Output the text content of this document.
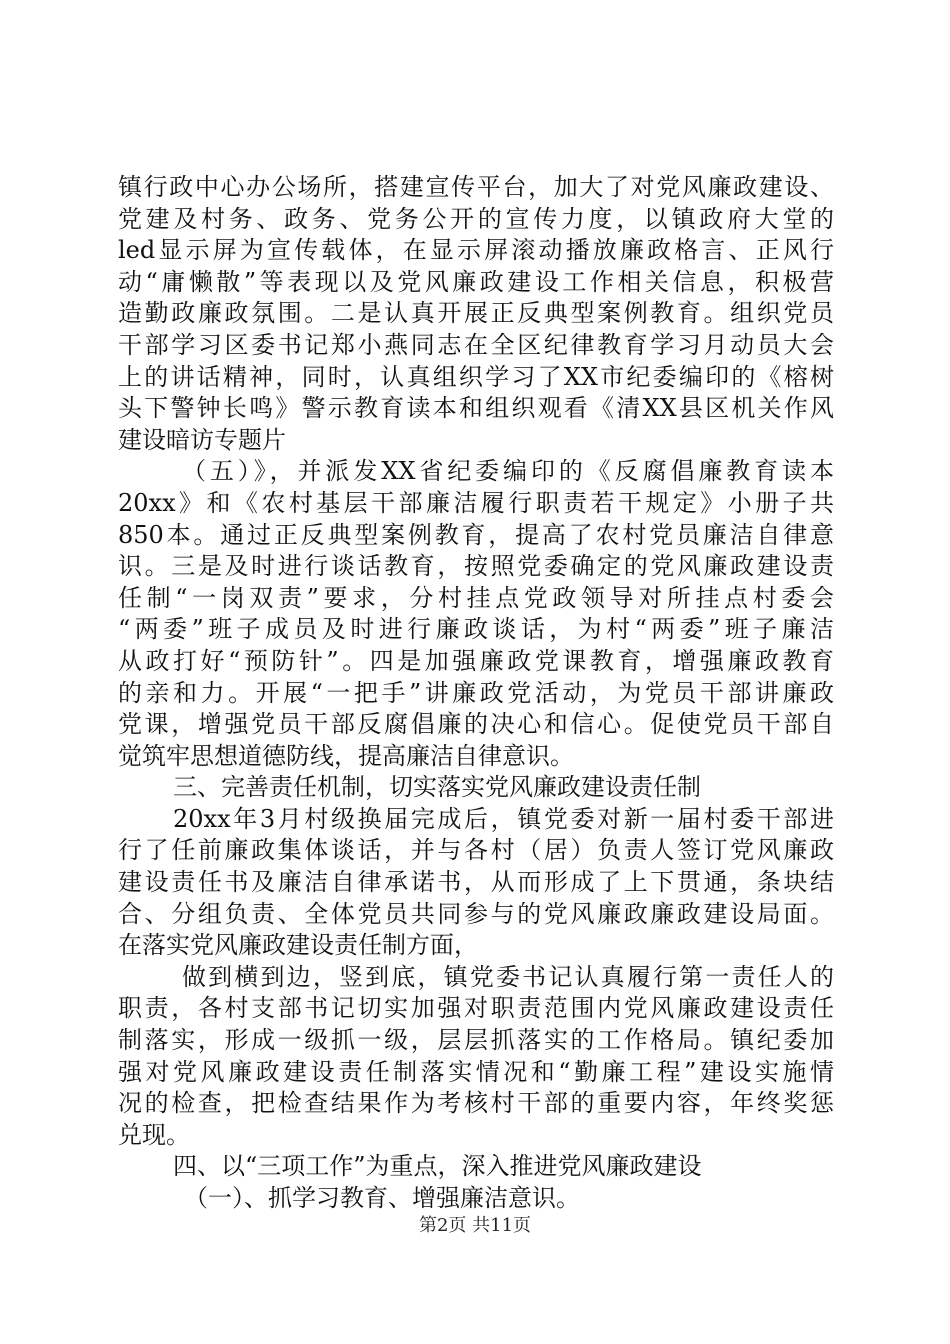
镇行政中心办公场所，搭建宣传平台，加大了对党风廉政建设、
党建及村务、政务、党务公开的宣传力度，以镇政府大堂的
led显示屏为宣传载体，在显示屏滚动播放廉政格言、正风行
动“庸懒散”等表现以及党风廉政建设工作相关信息，积极营
造勤政廉政氛围。二是认真开展正反典型案例教育。组织党员
干部学习区委书记郑小燕同志在全区纪律教育学习月动员大会
上的讲话精神，同时，认真组织学习了XX市纪委编印的《榕树
头下警钟长鸣》警示教育读本和组织观看《清XX县区机关作风
建设暗访专题片
（五）》，并派发XX省纪委编印的《反腐倡廉教育读本
20xx》和《农村基层干部廉洁履行职责若干规定》小册子共
850本。通过正反典型案例教育，提高了农村党员廉洁自律意
识。三是及时进行谈话教育，按照党委确定的党风廉政建设责
任制“一岗双责”要求，分村挂点党政领导对所挂点村委会
“两委”班子成员及时进行廉政谈话，为村“两委”班子廉洁
从政打好“预防针”。四是加强廉政党课教育，增强廉政教育
的亲和力。开展“一把手”讲廉政党活动，为党员干部讲廉政
党课，增强党员干部反腐倡廉的决心和信心。促使党员干部自
觉筑牢思想道德防线，提高廉洁自律意识。
三、完善责任机制，切实落实党风廉政建设责任制
20xx年3月村级换届完成后，镇党委对新一届村委干部进
行了任前廉政集体谈话，并与各村（居）负责人签订党风廉政
建设责任书及廉洁自律承诺书，从而形成了上下贯通，条块结
合、分组负责、全体党员共同参与的党风廉政廉政建设局面。
在落实党风廉政建设责任制方面，
做到横到边，竖到底，镇党委书记认真履行第一责任人的
职责，各村支部书记切实加强对职责范围内党风廉政建设责任
制落实，形成一级抓一级，层层抓落实的工作格局。镇纪委加
强对党风廉政建设责任制落实情况和“勤廉工程”建设实施情
况的检查，把检查结果作为考核村干部的重要内容，年终奖惩
兑现。
四、以“三项工作”为重点，深入推进党风廉政建设
（一）、抓学习教育、增强廉洁意识。
第2页 共11页
